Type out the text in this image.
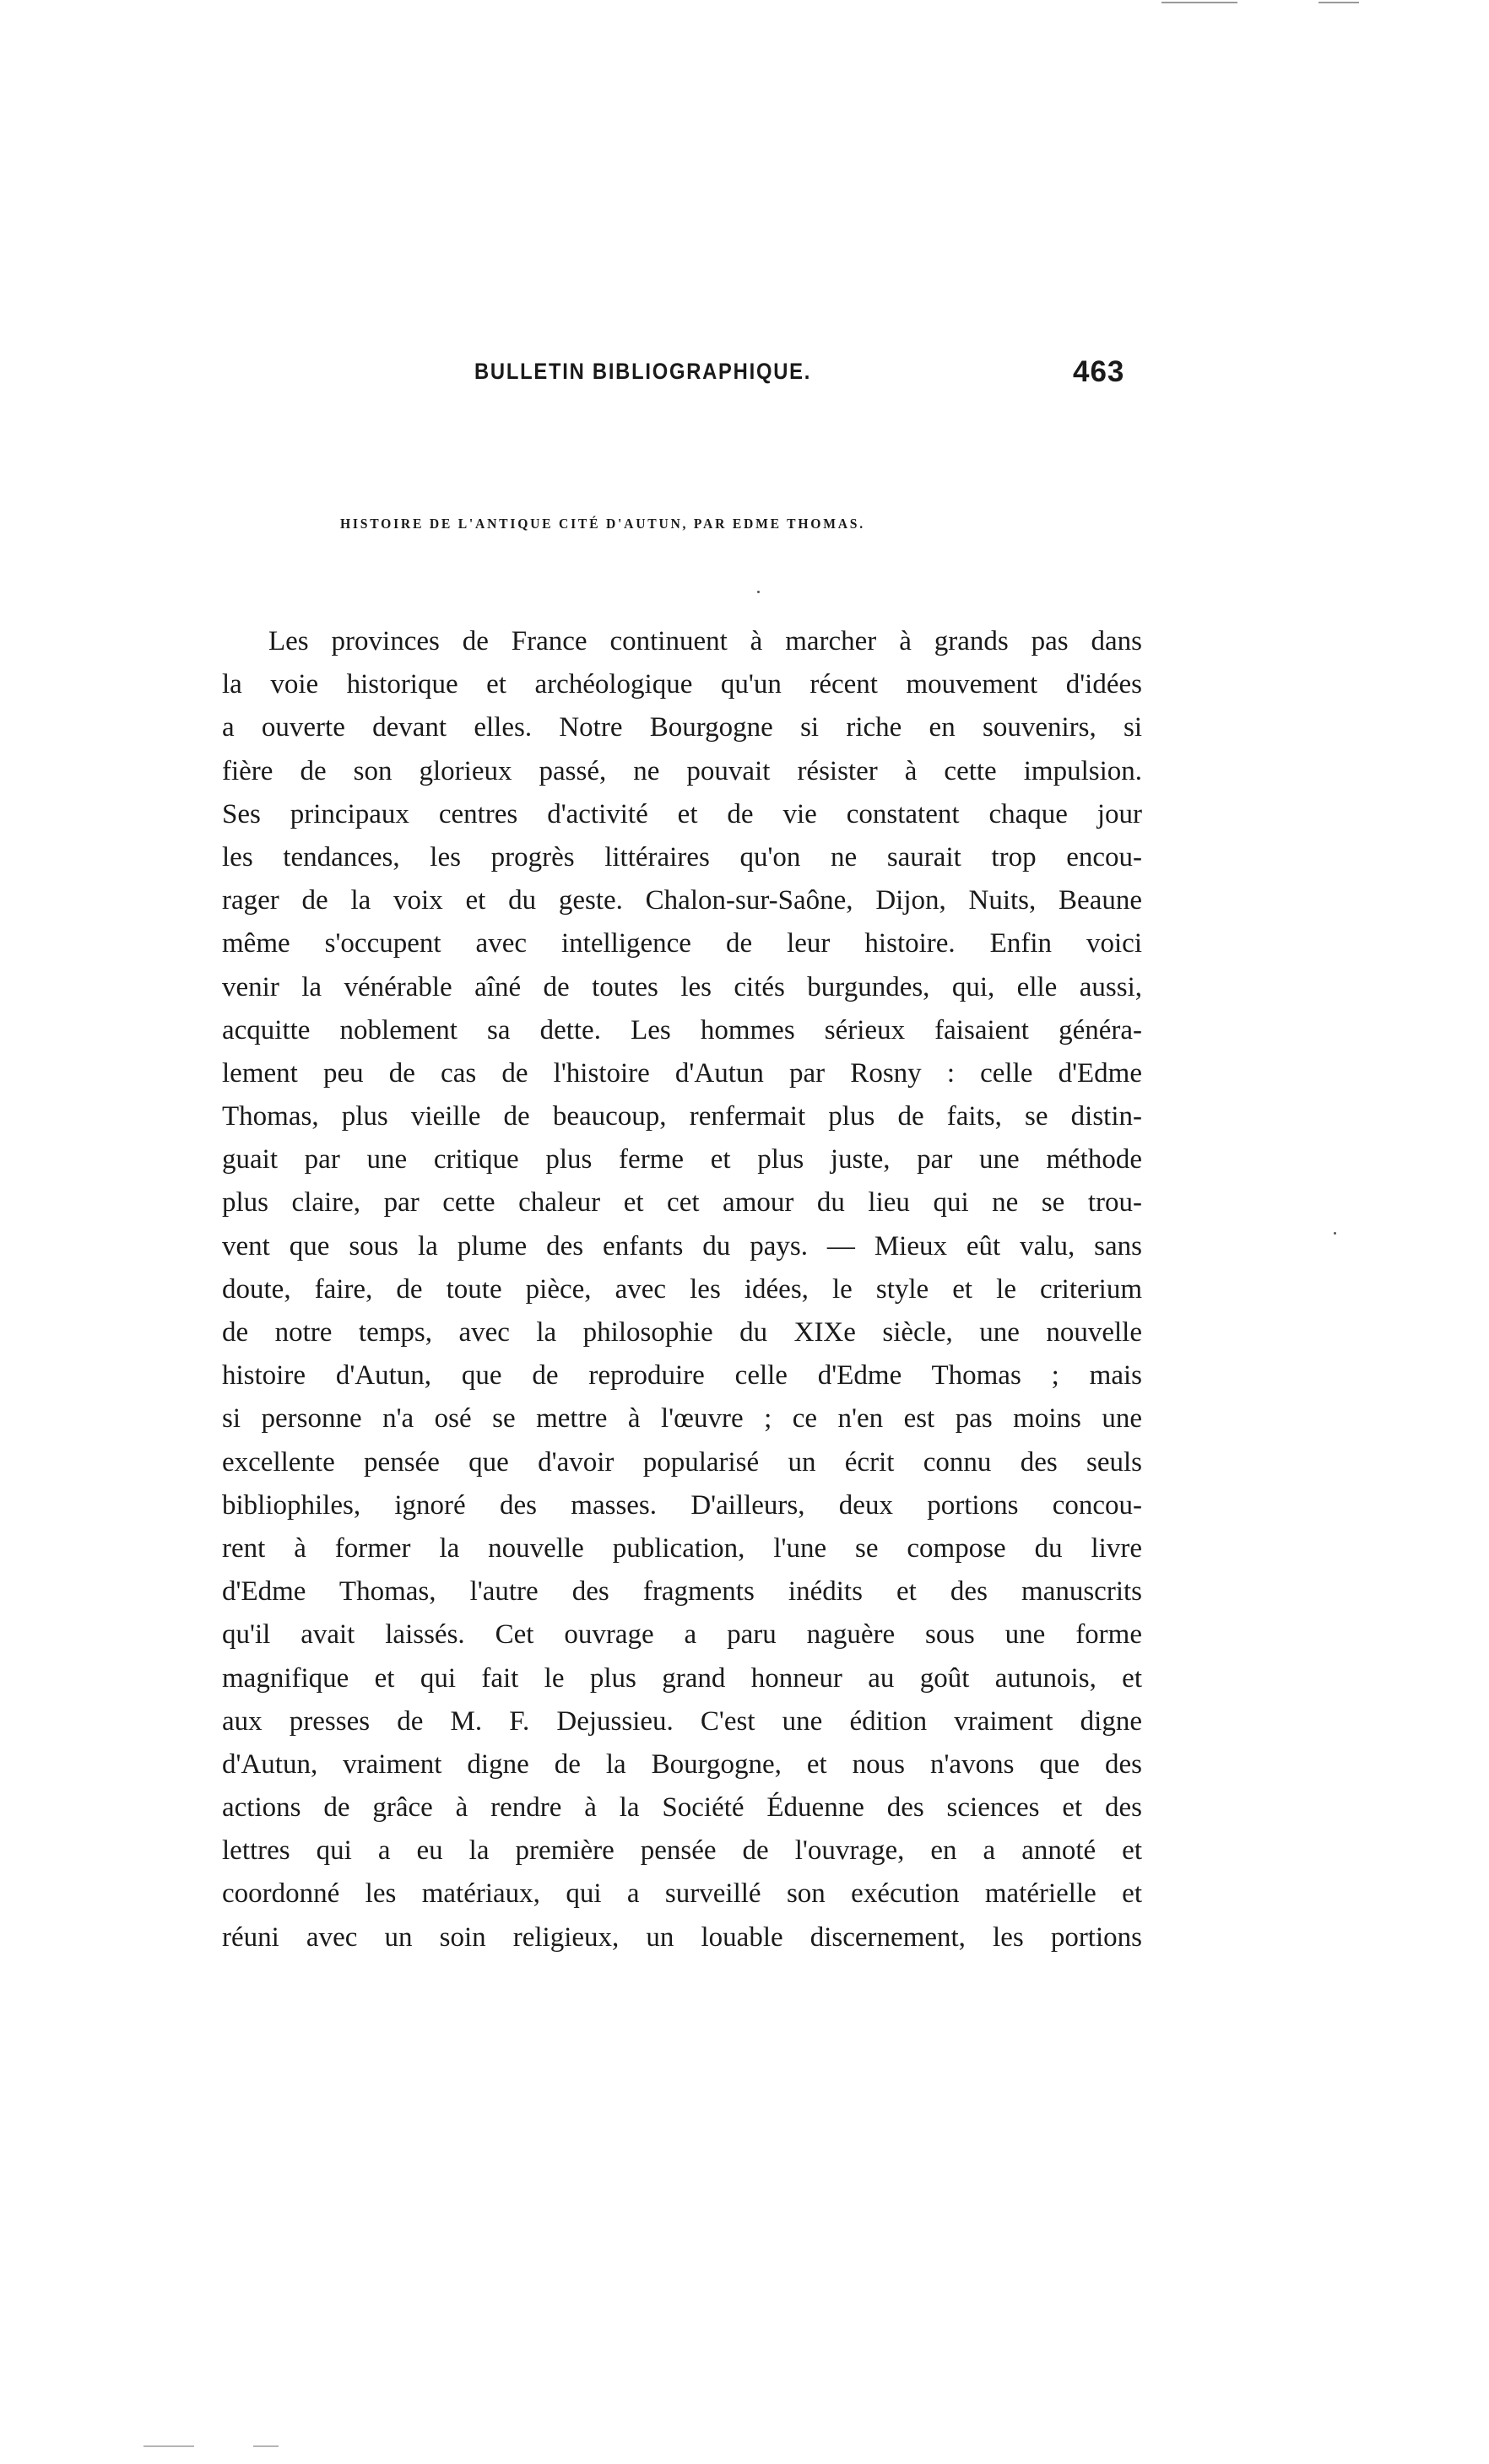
BULLETIN BIBLIOGRAPHIQUE.	463
HISTOIRE DE L'ANTIQUE CITÉ D'AUTUN, PAR EDME THOMAS.
Les provinces de France continuent à marcher à grands pas dans
la voie historique et archéologique qu'un récent mouvement d'idées
a ouverte devant elles. Notre Bourgogne si riche en souvenirs, si
fière de son glorieux passé, ne pouvait résister à cette impulsion.
Ses principaux centres d'activité et de vie constatent chaque jour
les tendances, les progrès littéraires qu'on ne saurait trop encou-
rager de la voix et du geste. Chalon-sur-Saône, Dijon, Nuits, Beaune
même s'occupent avec intelligence de leur histoire. Enfin voici
venir la vénérable aîné de toutes les cités burgundes, qui, elle aussi,
acquitte noblement sa dette. Les hommes sérieux faisaient généra-
lement peu de cas de l'histoire d'Autun par Rosny : celle d'Edme
Thomas, plus vieille de beaucoup, renfermait plus de faits, se distin-
guait par une critique plus ferme et plus juste, par une méthode
plus claire, par cette chaleur et cet amour du lieu qui ne se trou-
vent que sous la plume des enfants du pays. — Mieux eût valu, sans
doute, faire, de toute pièce, avec les idées, le style et le criterium
de notre temps, avec la philosophie du XIXe siècle, une nouvelle
histoire d'Autun, que de reproduire celle d'Edme Thomas ; mais
si personne n'a osé se mettre à l'œuvre ; ce n'en est pas moins une
excellente pensée que d'avoir popularisé un écrit connu des seuls
bibliophiles, ignoré des masses. D'ailleurs, deux portions concou-
rent à former la nouvelle publication, l'une se compose du livre
d'Edme Thomas, l'autre des fragments inédits et des manuscrits
qu'il avait laissés. Cet ouvrage a paru naguère sous une forme
magnifique et qui fait le plus grand honneur au goût autunois, et
aux presses de M. F. Dejussieu. C'est une édition vraiment digne
d'Autun, vraiment digne de la Bourgogne, et nous n'avons que des
actions de grâce à rendre à la Société Éduenne des sciences et des
lettres qui a eu la première pensée de l'ouvrage, en a annoté et
coordonné les matériaux, qui a surveillé son exécution matérielle et
réuni avec un soin religieux, un louable discernement, les portions
